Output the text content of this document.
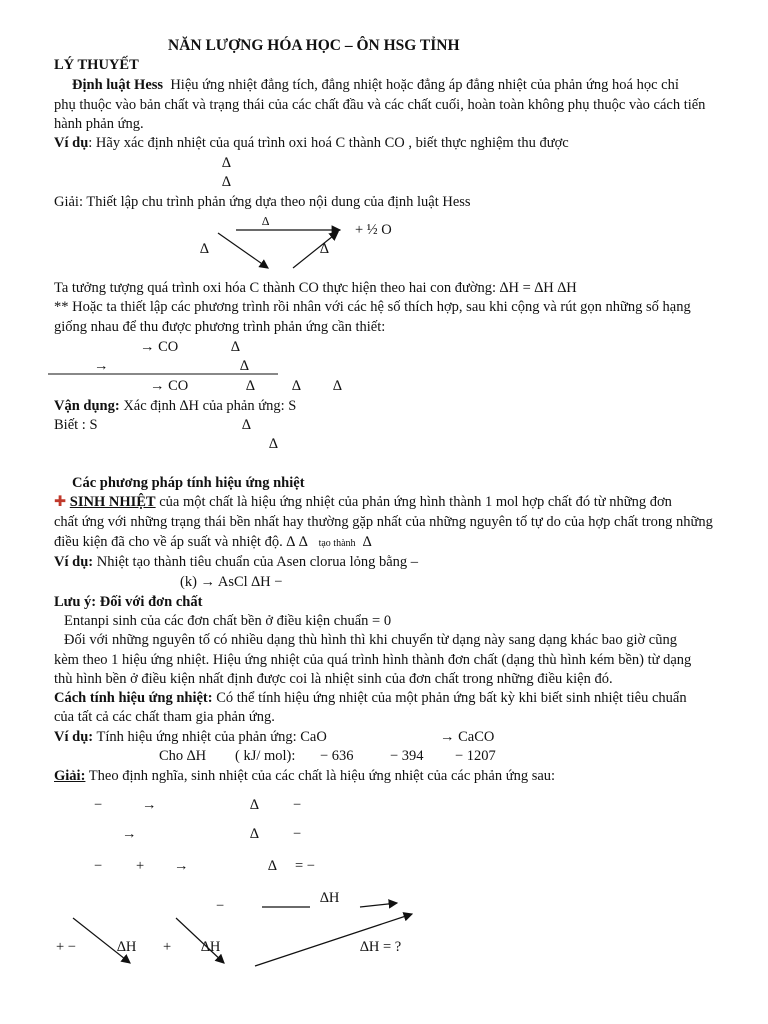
NĂN LƯỢNG HÓA HỌC – ÔN HSG TỈNH
LÝ THUYẾT
Định luật Hess Hiệu ứng nhiệt đẳng tích, đẳng nhiệt hoặc đẳng áp đẳng nhiệt của phản ứng hoá học chỉ
phụ thuộc vào bản chất và trạng thái của các chất đầu và các chất cuối, hoàn toàn không phụ thuộc vào cách tiến
hành phản ứng.
Ví dụ: Hãy xác định nhiệt của quá trình oxi hoá C thành CO , biết thực nghiệm thu được
∆
∆
Giải: Thiết lập chu trình phản ứng dựa theo nội dung của định luật Hess
∆
+ ½ O
∆	∆
Ta tưởng tượng quá trình oxi hóa C thành CO thực hiện theo hai con đường: ∆H = ∆H ∆H
** Hoặc ta thiết lập các phương trình rồi nhân với các hệ số thích hợp, sau khi cộng và rút gọn những số hạng
giống nhau để thu được phương trình phản ứng cần thiết:
→ CO	∆
→	∆
→ CO	∆	∆ ∆
Vận dụng: Xác định ∆H của phản ứng: S
Biết : S	∆
∆
Các phương pháp tính hiệu ứng nhiệt
✚ SINH NHIỆT của một chất là hiệu ứng nhiệt của phản ứng hình thành 1 mol hợp chất đó từ những đơn
chất ứng với những trạng thái bền nhất hay thường gặp nhất của những nguyên tố tự do của hợp chất trong những
điều kiện đã cho về áp suất và nhiệt độ. ∆ ∆ tạo thành ∆
Ví dụ: Nhiệt tạo thành tiêu chuẩn của Asen clorua lỏng bằng –
(k) → AsCl ∆H −
Lưu ý: Đối với đơn chất
Entanpi sinh của các đơn chất bền ở điều kiện chuẩn = 0
Đối với những nguyên tố có nhiều dạng thù hình thì khi chuyển từ dạng này sang dạng khác bao giờ cũng
kèm theo 1 hiệu ứng nhiệt. Hiệu ứng nhiệt của quá trình hình thành đơn chất (dạng thù hình kém bền) từ dạng
thù hình bền ở điều kiện nhất định được coi là nhiệt sinh của đơn chất trong những điều kiện đó.
Cách tính hiệu ứng nhiệt: Có thể tính hiệu ứng nhiệt của một phản ứng bất kỳ khi biết sinh nhiệt tiêu chuẩn
của tất cả các chất tham gia phản ứng.
Ví dụ: Tính hiệu ứng nhiệt của phản ứng: CaO	→ CaCO
Cho ∆H ( kJ/ mol): − 636	− 394 − 1207
Giải: Theo định nghĩa, sinh nhiệt của các chất là hiệu ứng nhiệt của các phản ứng sau:
−	→	∆ −
→	∆ −
− + →	∆ = −
−	∆H
+ −	∆H + ∆H	∆H = ?
